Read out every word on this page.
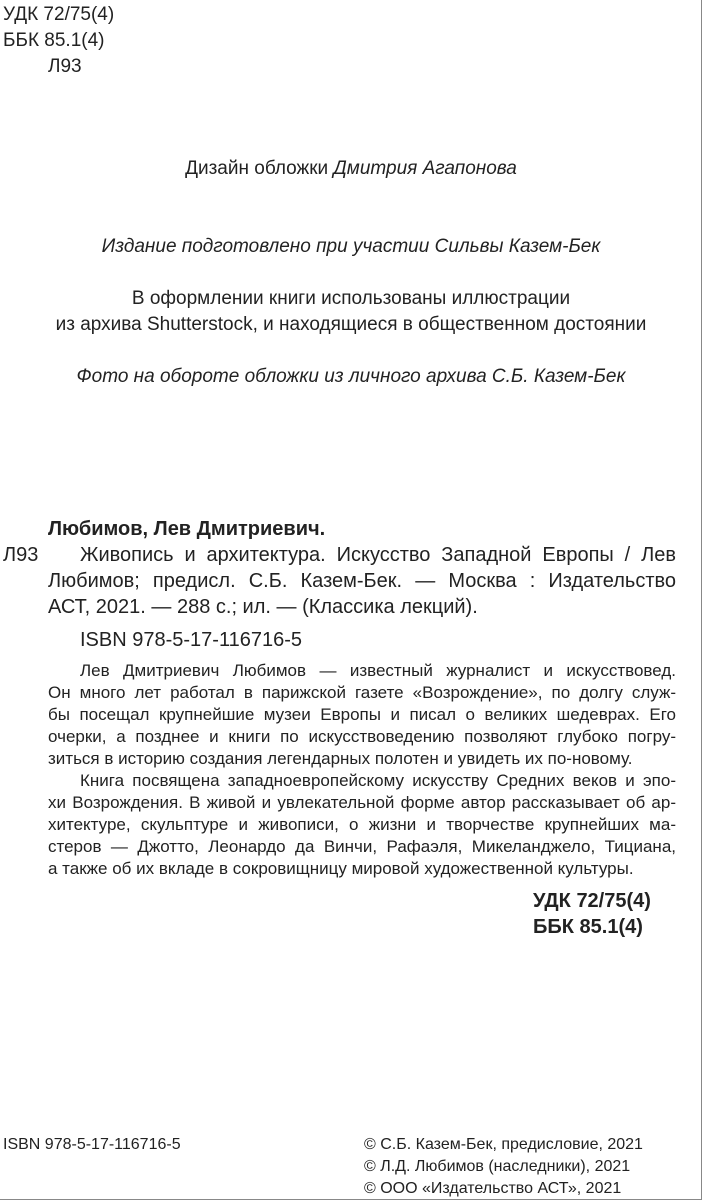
УДК 72/75(4)
ББК 85.1(4)
Л93
Дизайн обложки Дмитрия Агапонова
Издание подготовлено при участии Сильвы Казем-Бек
В оформлении книги использованы иллюстрации
из архива Shutterstock, и находящиеся в общественном достоянии
Фото на обороте обложки из личного архива С.Б. Казем-Бек
Любимов, Лев Дмитриевич.
Л93 Живопись и архитектура. Искусство Западной Европы / Лев
Любимов; предисл. С.Б. Казем-Бек. — Москва : Издательство
АСТ, 2021. — 288 с.; ил. — (Классика лекций).
ISBN 978-5-17-116716-5
Лев Дмитриевич Любимов — известный журналист и искусствовед.
Он много лет работал в парижской газете «Возрождение», по долгу служ-
бы посещал крупнейшие музеи Европы и писал о великих шедеврах. Его
очерки, а позднее и книги по искусствоведению позволяют глубоко погру-
зиться в историю создания легендарных полотен и увидеть их по-новому.
Книга посвящена западноевропейскому искусству Средних веков и эпо-
хи Возрождения. В живой и увлекательной форме автор рассказывает об ар-
хитектуре, скульптуре и живописи, о жизни и творчестве крупнейших ма-
стеров — Джотто, Леонардо да Винчи, Рафаэля, Микеланджело, Тициана,
а также об их вкладе в сокровищницу мировой художественной культуры.
УДК 72/75(4)
ББК 85.1(4)
ISBN 978-5-17-116716-5	© С.Б. Казем-Бек, предисловие, 2021
© Л.Д. Любимов (наследники), 2021
© ООО «Издательство АСТ», 2021
